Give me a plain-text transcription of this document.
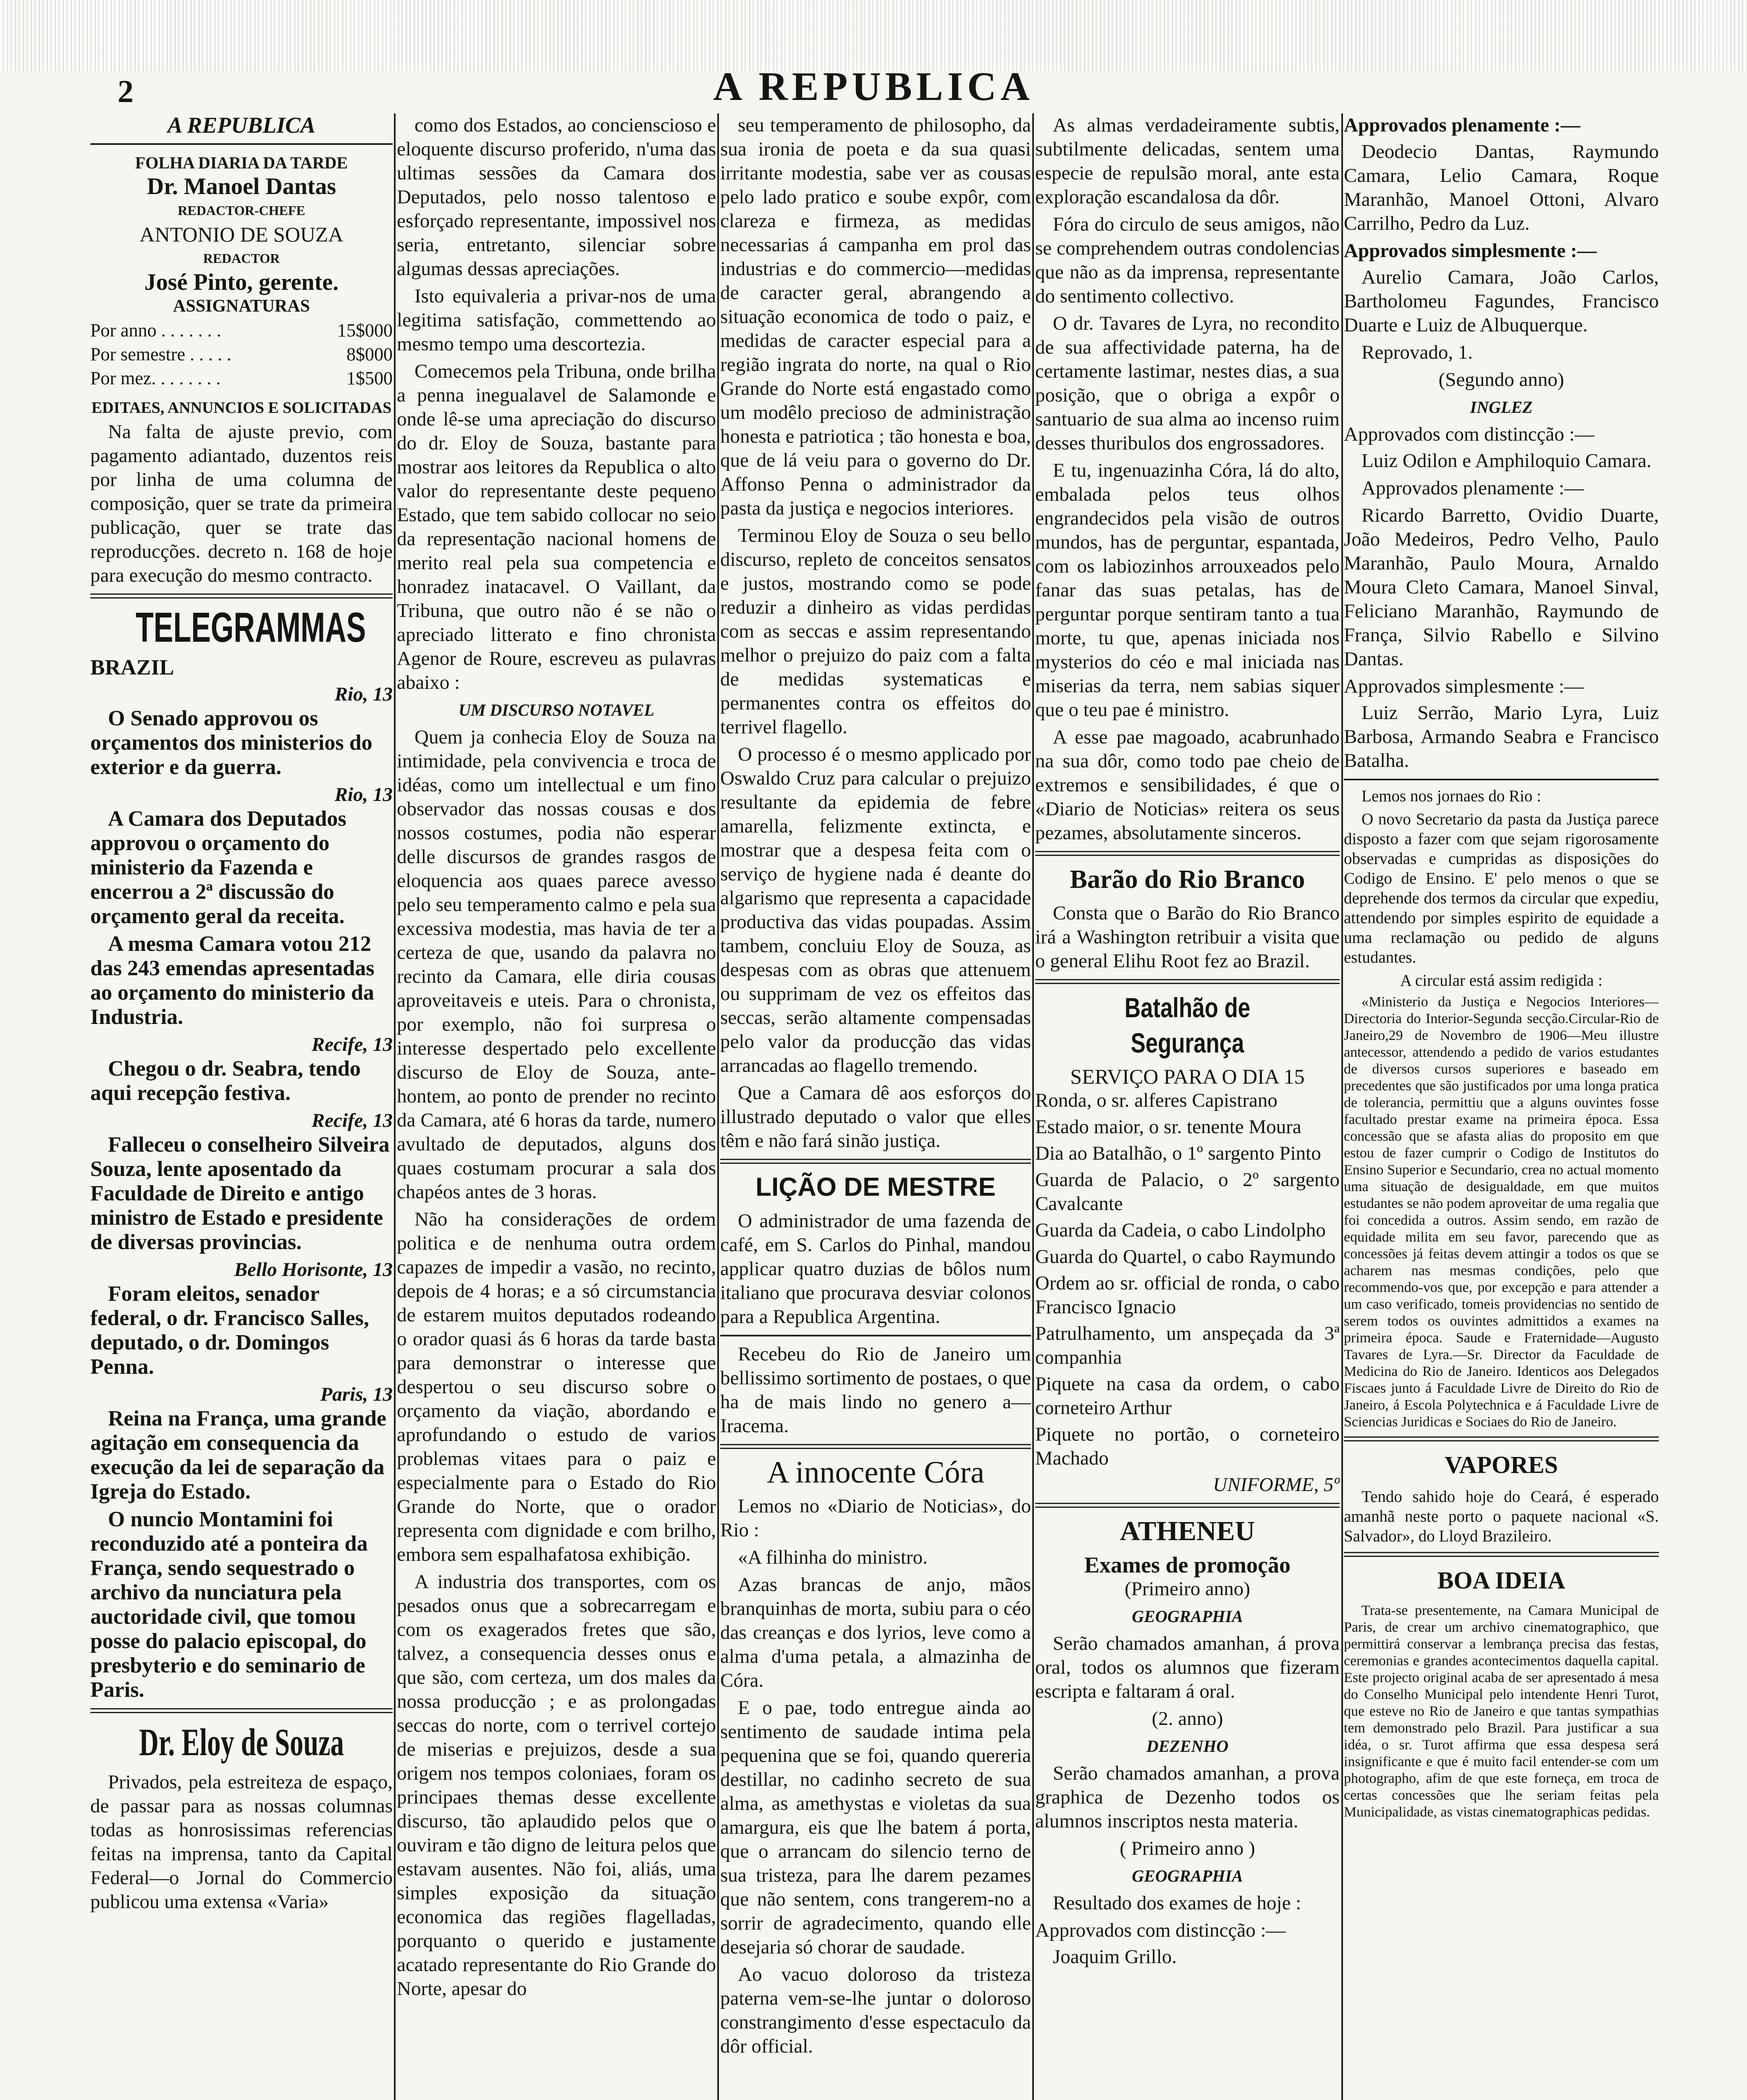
2	A REPUBLICA
A REPUBLICA
FOLHA DIARIA DA TARDE
Dr. Manoel Dantas
REDACTOR-CHEFE
ANTONIO DE SOUZA
REDACTOR
José Pinto, gerente.
ASSIGNATURAS
Por anno . . . . . . .	15$000
Por semestre . . . . .	8$000
Por mez. . . . . . . .	1$500
EDITAES, ANNUNCIOS E SOLICITADAS

Na falta de ajuste previo, com pagamento adiantado, duzentos reis por linha de uma columna de composição, quer se trate da primeira publicação, quer se trate das reproducções. decreto n. 168 de hoje para execução do mesmo contracto.

TELEGRAMMAS
BRAZIL
Rio, 13

O Senado approvou os orçamentos dos ministerios do exterior e da guerra.

Rio, 13

A Camara dos Deputados approvou o orçamento do ministerio da Fazenda e encerrou a 2ª discussão do orçamento geral da receita.

A mesma Camara votou 212 das 243 emendas apresentadas ao orçamento do ministerio da Industria.

Recife, 13

Chegou o dr. Seabra, tendo aqui recepção festiva.

Recife, 13

Falleceu o conselheiro Silveira Souza, lente aposentado da Faculdade de Direito e antigo ministro de Estado e presidente de diversas provincias.

Bello Horisonte, 13

Foram eleitos, senador federal, o dr. Francisco Salles, deputado, o dr. Domingos Penna.

Paris, 13

Reina na França, uma grande agitação em consequencia da execução da lei de separação da Igreja do Estado.

O nuncio Montamini foi reconduzido até a ponteira da França, sendo sequestrado o archivo da nunciatura pela auctoridade civil, que tomou posse do palacio episcopal, do presbyterio e do seminario de Paris.

Dr. Eloy de Souza

Privados, pela estreiteza de espaço, de passar para as nossas columnas todas as honrosissimas referencias feitas na imprensa, tanto da Capital Federal—o Jornal do Commercio publicou uma extensa «Varia»

como dos Estados, ao concienscioso e eloquente discurso proferido, n'uma das ultimas sessões da Camara dos Deputados, pelo nosso talentoso e esforçado representante, impossivel nos seria, entretanto, silenciar sobre algumas dessas apreciações.

Isto equivaleria a privar-nos de uma legitima satisfação, commettendo ao mesmo tempo uma descortezia.

Comecemos pela Tribuna, onde brilha a penna inegualavel de Salamonde e onde lê-se uma apreciação do discurso do dr. Eloy de Souza, bastante para mostrar aos leitores da Republica o alto valor do representante deste pequeno Estado, que tem sabido collocar no seio da representação nacional homens de merito real pela sua competencia e honradez inatacavel. O Vaillant, da Tribuna, que outro não é se não o apreciado litterato e fino chronista Agenor de Roure, escreveu as pulavras abaixo :

UM DISCURSO NOTAVEL

Quem ja conhecia Eloy de Souza na intimidade, pela convivencia e troca de idéas, como um intellectual e um fino observador das nossas cousas e dos nossos costumes, podia não esperar delle discursos de grandes rasgos de eloquencia aos quaes parece avesso pelo seu temperamento calmo e pela sua excessiva modestia, mas havia de ter a certeza de que, usando da palavra no recinto da Camara, elle diria cousas aproveitaveis e uteis. Para o chronista, por exemplo, não foi surpresa o interesse despertado pelo excellente discurso de Eloy de Souza, ante-hontem, ao ponto de prender no recinto da Camara, até 6 horas da tarde, numero avultado de deputados, alguns dos quaes costumam procurar a sala dos chapéos antes de 3 horas.

Não ha considerações de ordem politica e de nenhuma outra ordem capazes de impedir a vasão, no recinto, depois de 4 horas; e a só circumstancia de estarem muitos deputados rodeando o orador quasi ás 6 horas da tarde basta para demonstrar o interesse que despertou o seu discurso sobre o orçamento da viação, abordando e aprofundando o estudo de varios problemas vitaes para o paiz e especialmente para o Estado do Rio Grande do Norte, que o orador representa com dignidade e com brilho, embora sem espalhafatosa exhibição.

A industria dos transportes, com os pesados onus que a sobrecarregam e com os exagerados fretes que são, talvez, a consequencia desses onus e que são, com certeza, um dos males da nossa producção ; e as prolongadas seccas do norte, com o terrivel cortejo de miserias e prejuizos, desde a sua origem nos tempos coloniaes, foram os principaes themas desse excellente discurso, tão aplaudido pelos que o ouviram e tão digno de leitura pelos que estavam ausentes. Não foi, aliás, uma simples exposição da situação economica das regiões flagelladas, porquanto o querido e justamente acatado representante do Rio Grande do Norte, apesar do

seu temperamento de philosopho, da sua ironia de poeta e da sua quasi irritante modestia, sabe ver as cousas pelo lado pratico e soube expôr, com clareza e firmeza, as medidas necessarias á campanha em prol das industrias e do commercio—medidas de caracter geral, abrangendo a situação economica de todo o paiz, e medidas de caracter especial para a região ingrata do norte, na qual o Rio Grande do Norte está engastado como um modêlo precioso de administração honesta e patriotica ; tão honesta e boa, que de lá veiu para o governo do Dr. Affonso Penna o administrador da pasta da justiça e negocios interiores.

Terminou Eloy de Souza o seu bello discurso, repleto de conceitos sensatos e justos, mostrando como se pode reduzir a dinheiro as vidas perdidas com as seccas e assim representando melhor o prejuizo do paiz com a falta de medidas systematicas e permanentes contra os effeitos do terrivel flagello.

O processo é o mesmo applicado por Oswaldo Cruz para calcular o prejuizo resultante da epidemia de febre amarella, felizmente extincta, e mostrar que a despesa feita com o serviço de hygiene nada é deante do algarismo que representa a capacidade productiva das vidas poupadas. Assim tambem, concluiu Eloy de Souza, as despesas com as obras que attenuem ou supprimam de vez os effeitos das seccas, serão altamente compensadas pelo valor da producção das vidas arrancadas ao flagello tremendo.

Que a Camara dê aos esforços do illustrado deputado o valor que elles têm e não fará sinão justiça.

LIÇÃO DE MESTRE

O administrador de uma fazenda de café, em S. Carlos do Pinhal, mandou applicar quatro duzias de bôlos num italiano que procurava desviar colonos para a Republica Argentina.

Recebeu do Rio de Janeiro um bellissimo sortimento de postaes, o que ha de mais lindo no genero a—Iracema.

A innocente Córa

Lemos no «Diario de Noticias», do Rio :

«A filhinha do ministro.

Azas brancas de anjo, mãos branquinhas de morta, subiu para o céo das creanças e dos lyrios, leve como a alma d'uma petala, a almazinha de Córa.

E o pae, todo entregue ainda ao sentimento de saudade intima pela pequenina que se foi, quando quereria destillar, no cadinho secreto de sua alma, as amethystas e violetas da sua amargura, eis que lhe batem á porta, que o arrancam do silencio terno de sua tristeza, para lhe darem pezames que não sentem, cons trangerem-no a sorrir de agradecimento, quando elle desejaria só chorar de saudade.

Ao vacuo doloroso da tristeza paterna vem-se-lhe juntar o doloroso constrangimento d'esse espectaculo da dôr official.

As almas verdadeiramente subtis, subtilmente delicadas, sentem uma especie de repulsão moral, ante esta exploração escandalosa da dôr.

Fóra do circulo de seus amigos, não se comprehendem outras condolencias que não as da imprensa, representante do sentimento collectivo.

O dr. Tavares de Lyra, no recondito de sua affectividade paterna, ha de certamente lastimar, nestes dias, a sua posição, que o obriga a expôr o santuario de sua alma ao incenso ruim desses thuribulos dos engrossadores.

E tu, ingenuazinha Córa, lá do alto, embalada pelos teus olhos engrandecidos pela visão de outros mundos, has de perguntar, espantada, com os labiozinhos arrouxeados pelo fanar das suas petalas, has de perguntar porque sentiram tanto a tua morte, tu que, apenas iniciada nos mysterios do céo e mal iniciada nas miserias da terra, nem sabias siquer que o teu pae é ministro.

A esse pae magoado, acabrunhado na sua dôr, como todo pae cheio de extremos e sensibilidades, é que o «Diario de Noticias» reitera os seus pezames, absolutamente sinceros.

Barão do Rio Branco

Consta que o Barão do Rio Branco irá a Washington retribuir a visita que o general Elihu Root fez ao Brazil.

Batalhão de Segurança
SERVIÇO PARA O DIA 15

Ronda, o sr. alferes Capistrano

Estado maior, o sr. tenente Moura

Dia ao Batalhão, o 1º sargento Pinto

Guarda de Palacio, o 2º sargento Cavalcante

Guarda da Cadeia, o cabo Lindolpho

Guarda do Quartel, o cabo Raymundo

Ordem ao sr. official de ronda, o cabo Francisco Ignacio

Patrulhamento, um anspeçada da 3ª companhia

Piquete na casa da ordem, o cabo corneteiro Arthur

Piquete no portão, o corneteiro Machado

UNIFORME, 5º
ATHENEU
Exames de promoção
(Primeiro anno)
GEOGRAPHIA

Serão chamados amanhan, á prova oral, todos os alumnos que fizeram escripta e faltaram á oral.

(2. anno)
DEZENHO

Serão chamados amanhan, a prova graphica de Dezenho todos os alumnos inscriptos nesta materia.

( Primeiro anno )
GEOGRAPHIA

Resultado dos exames de hoje :

Approvados com distincção :—

Joaquim Grillo.

Approvados plenamente :—

Deodecio Dantas, Raymundo Camara, Lelio Camara, Roque Maranhão, Manoel Ottoni, Alvaro Carrilho, Pedro da Luz.

Approvados simplesmente :—

Aurelio Camara, João Carlos, Bartholomeu Fagundes, Francisco Duarte e Luiz de Albuquerque.

Reprovado, 1.

(Segundo anno)
INGLEZ

Approvados com distincção :—

Luiz Odilon e Amphiloquio Camara.

Approvados plenamente :—

Ricardo Barretto, Ovidio Duarte, João Medeiros, Pedro Velho, Paulo Maranhão, Paulo Moura, Arnaldo Moura Cleto Camara, Manoel Sinval, Feliciano Maranhão, Raymundo de França, Silvio Rabello e Silvino Dantas.

Approvados simplesmente :—

Luiz Serrão, Mario Lyra, Luiz Barbosa, Armando Seabra e Francisco Batalha.

Lemos nos jornaes do Rio :

O novo Secretario da pasta da Justiça parece disposto a fazer com que sejam rigorosamente observadas e cumpridas as disposições do Codigo de Ensino. E' pelo menos o que se deprehende dos termos da circular que expediu, attendendo por simples espirito de equidade a uma reclamação ou pedido de alguns estudantes.

A circular está assim redigida :

«Ministerio da Justiça e Negocios Interiores—Directoria do Interior-Segunda secção.Circular-Rio de Janeiro,29 de Novembro de 1906—Meu illustre antecessor, attendendo a pedido de varios estudantes de diversos cursos superiores e baseado em precedentes que são justificados por uma longa pratica de tolerancia, permittiu que a alguns ouvintes fosse facultado prestar exame na primeira época. Essa concessão que se afasta alias do proposito em que estou de fazer cumprir o Codigo de Institutos do Ensino Superior e Secundario, crea no actual momento uma situação de desigualdade, em que muitos estudantes se não podem aproveitar de uma regalia que foi concedida a outros. Assim sendo, em razão de equidade milita em seu favor, parecendo que as concessões já feitas devem attingir a todos os que se acharem nas mesmas condições, pelo que recommendo-vos que, por excepção e para attender a um caso verificado, tomeis providencias no sentido de serem todos os ouvintes admittidos a exames na primeira época. Saude e Fraternidade—Augusto Tavares de Lyra.—Sr. Director da Faculdade de Medicina do Rio de Janeiro. Identicos aos Delegados Fiscaes junto á Faculdade Livre de Direito do Rio de Janeiro, á Escola Polytechnica e á Faculdade Livre de Sciencias Juridicas e Sociaes do Rio de Janeiro.

VAPORES

Tendo sahido hoje do Ceará, é esperado amanhã neste porto o paquete nacional «S. Salvador», do Lloyd Brazileiro.

BOA IDEIA

Trata-se presentemente, na Camara Municipal de Paris, de crear um archivo cinematographico, que permittirá conservar a lembrança precisa das festas, ceremonias e grandes acontecimentos daquella capital. Este projecto original acaba de ser apresentado á mesa do Conselho Municipal pelo intendente Henri Turot, que esteve no Rio de Janeiro e que tantas sympathias tem demonstrado pelo Brazil. Para justificar a sua idéa, o sr. Turot affirma que essa despesa será insignificante e que é muito facil entender-se com um photographo, afim de que este forneça, em troca de certas concessões que lhe seriam feitas pela Municipalidade, as vistas cinematographicas pedidas.
